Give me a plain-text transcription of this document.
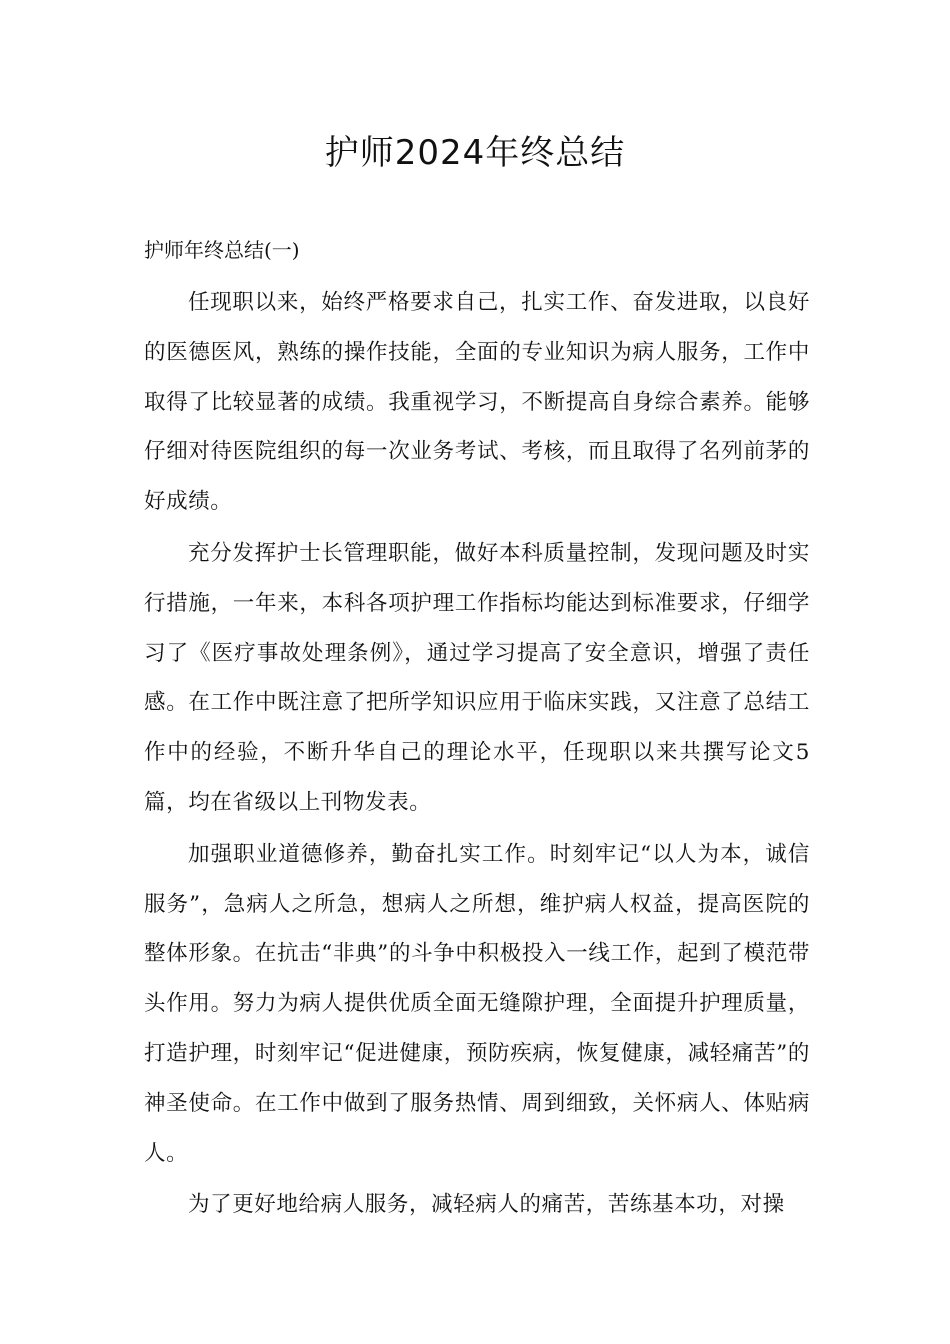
护师2024年终总结
护师年终总结(一)

任现职以来，始终严格要求自己，扎实工作、奋发进取，以良好的医德医风，熟练的操作技能，全面的专业知识为病人服务，工作中取得了比较显著的成绩。我重视学习，不断提高自身综合素养。能够仔细对待医院组织的每一次业务考试、考核，而且取得了名列前茅的好成绩。

充分发挥护士长管理职能，做好本科质量控制，发现问题及时实行措施，一年来，本科各项护理工作指标均能达到标准要求，仔细学习了《医疗事故处理条例》，通过学习提高了安全意识，增强了责任感。在工作中既注意了把所学知识应用于临床实践，又注意了总结工作中的经验，不断升华自己的理论水平，任现职以来共撰写论文5篇，均在省级以上刊物发表。

加强职业道德修养，勤奋扎实工作。时刻牢记“以人为本，诚信服务”，急病人之所急，想病人之所想，维护病人权益，提高医院的整体形象。在抗击“非典”的斗争中积极投入一线工作，起到了模范带头作用。努力为病人提供优质全面无缝隙护理，全面提升护理质量，打造护理，时刻牢记“促进健康，预防疾病，恢复健康，减轻痛苦”的神圣使命。在工作中做到了服务热情、周到细致，关怀病人、体贴病人。

为了更好地给病人服务，减轻病人的痛苦，苦练基本功，对操
